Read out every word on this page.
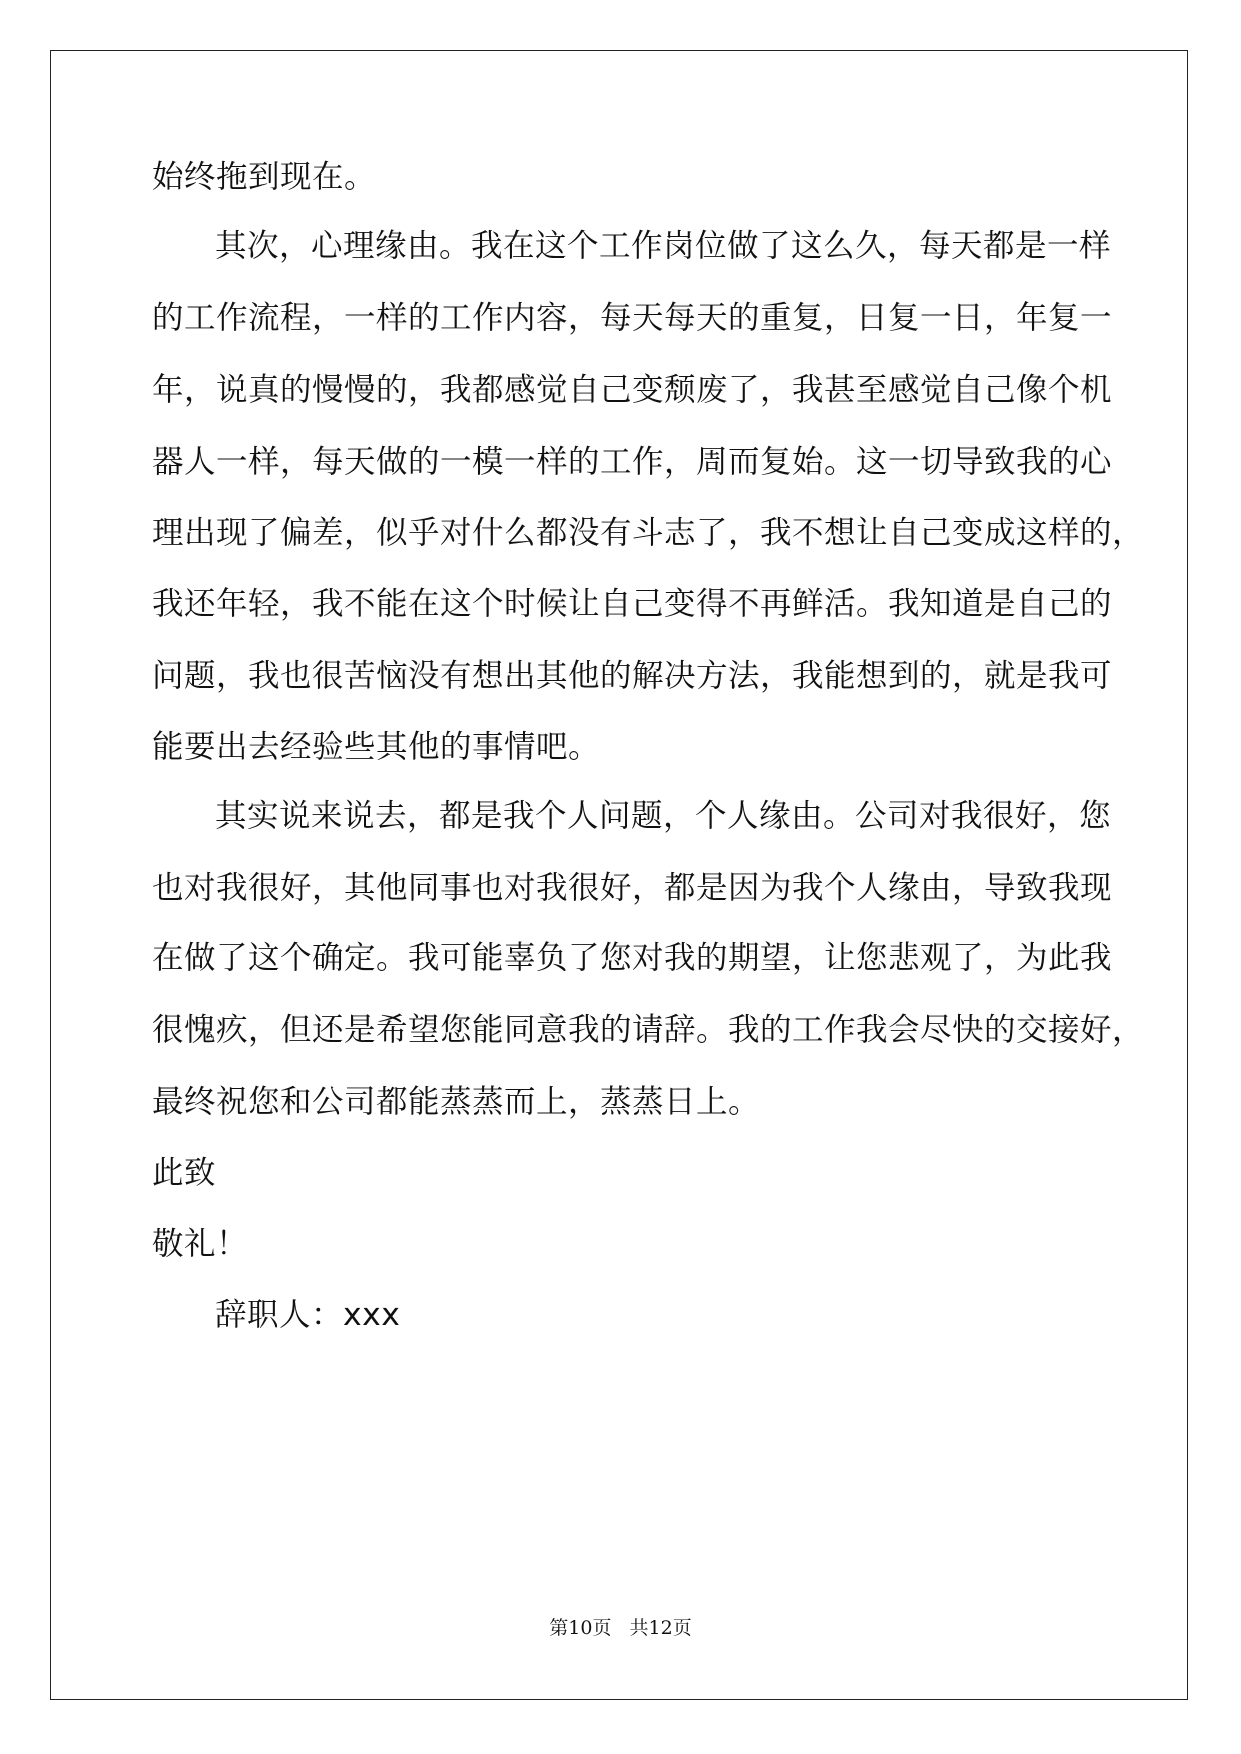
始终拖到现在。
其次，心理缘由。我在这个工作岗位做了这么久，每天都是一样
的工作流程，一样的工作内容，每天每天的重复，日复一日，年复一
年，说真的慢慢的，我都感觉自己变颓废了，我甚至感觉自己像个机
器人一样，每天做的一模一样的工作，周而复始。这一切导致我的心
理出现了偏差，似乎对什么都没有斗志了，我不想让自己变成这样的，
我还年轻，我不能在这个时候让自己变得不再鲜活。我知道是自己的
问题，我也很苦恼没有想出其他的解决方法，我能想到的，就是我可
能要出去经验些其他的事情吧。
其实说来说去，都是我个人问题，个人缘由。公司对我很好，您
也对我很好，其他同事也对我很好，都是因为我个人缘由，导致我现
在做了这个确定。我可能辜负了您对我的期望，让您悲观了，为此我
很愧疚，但还是希望您能同意我的请辞。我的工作我会尽快的交接好，
最终祝您和公司都能蒸蒸而上，蒸蒸日上。
此致
敬礼！
辞职人：xxx
第10页 共12页
